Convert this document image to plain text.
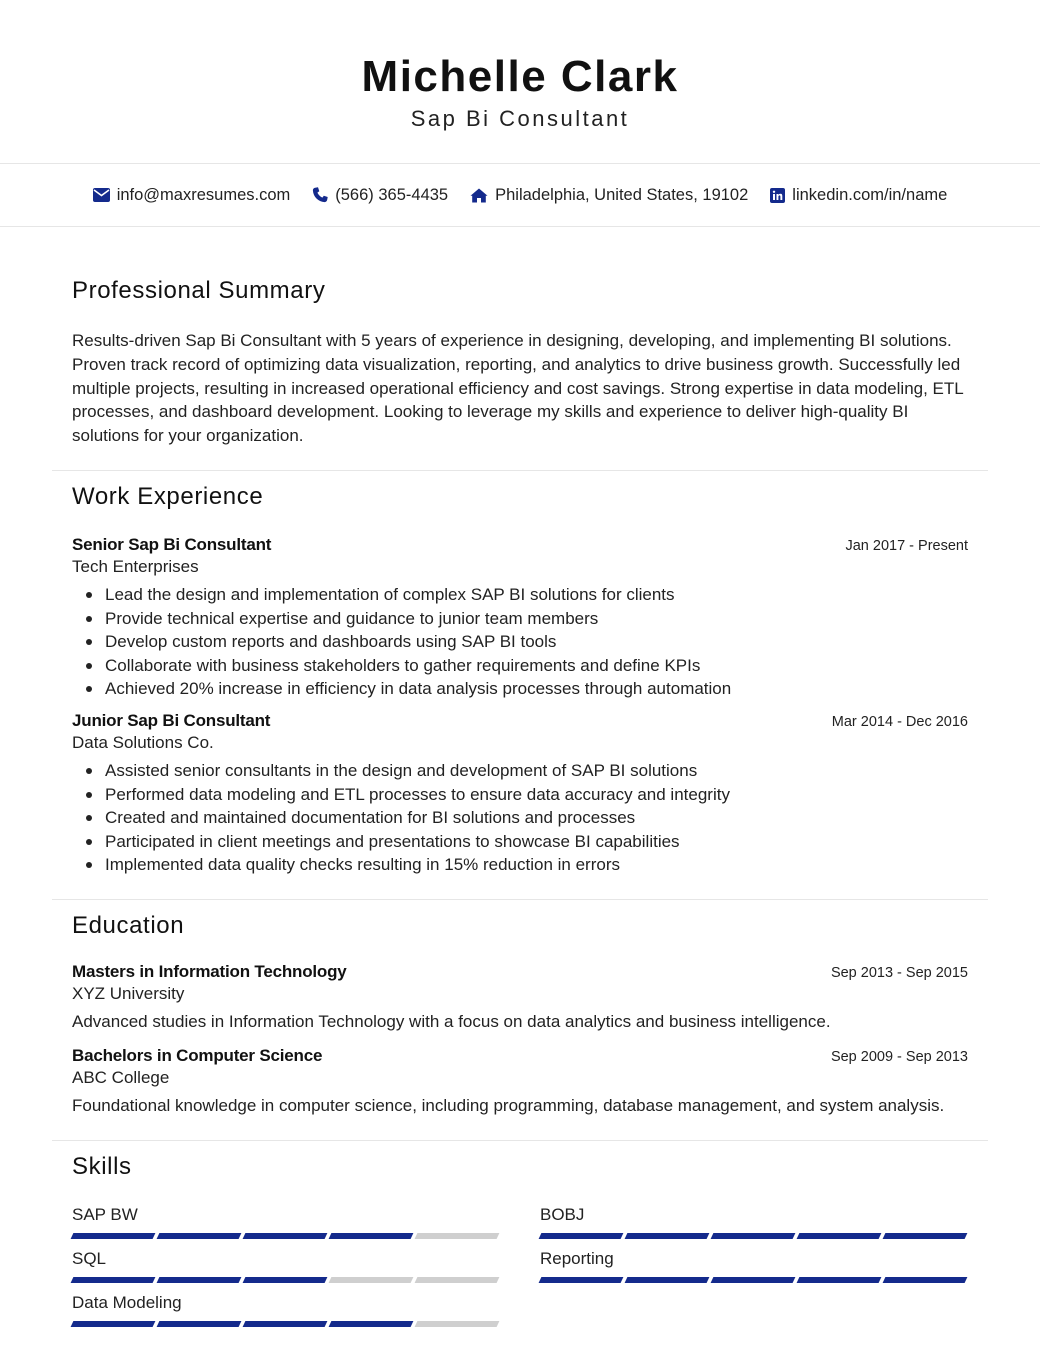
Michelle Clark
Sap Bi Consultant
info@maxresumes.com	(566) 365-4435	Philadelphia, United States, 19102	linkedin.com/in/name
Professional Summary

Results-driven Sap Bi Consultant with 5 years of experience in designing, developing, and implementing BI solutions. Proven track record of optimizing data visualization, reporting, and analytics to drive business growth. Successfully led multiple projects, resulting in increased operational efficiency and cost savings. Strong expertise in data modeling, ETL processes, and dashboard development. Looking to leverage my skills and experience to deliver high-quality BI solutions for your organization.

Work Experience
Senior Sap Bi Consultant	Jan 2017 - Present
Tech Enterprises
Lead the design and implementation of complex SAP BI solutions for clients
Provide technical expertise and guidance to junior team members
Develop custom reports and dashboards using SAP BI tools
Collaborate with business stakeholders to gather requirements and define KPIs
Achieved 20% increase in efficiency in data analysis processes through automation
Junior Sap Bi Consultant	Mar 2014 - Dec 2016
Data Solutions Co.
Assisted senior consultants in the design and development of SAP BI solutions
Performed data modeling and ETL processes to ensure data accuracy and integrity
Created and maintained documentation for BI solutions and processes
Participated in client meetings and presentations to showcase BI capabilities
Implemented data quality checks resulting in 15% reduction in errors
Education
Masters in Information Technology	Sep 2013 - Sep 2015
XYZ University

Advanced studies in Information Technology with a focus on data analytics and business intelligence.

Bachelors in Computer Science	Sep 2009 - Sep 2013
ABC College

Foundational knowledge in computer science, including programming, database management, and system analysis.

Skills
SAP BW	BOBJ
SQL	Reporting
Data Modeling
